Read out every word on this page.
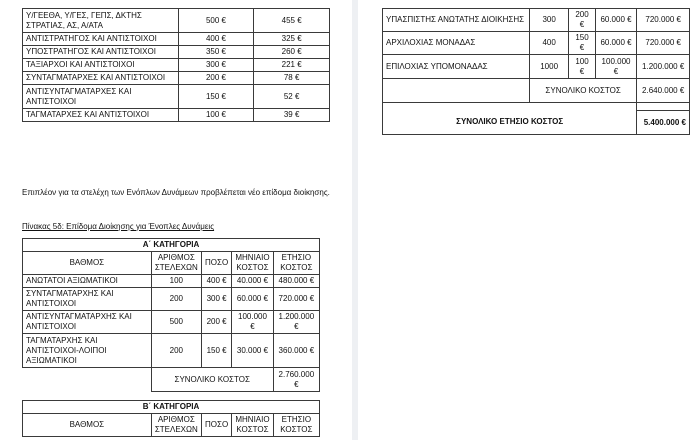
Υ/ΓΕΕΘΑ, Υ/ΓΕΣ, ΓΕΠΣ, ΔΚΤΗΣ ΣΤΡΑΤΙΑΣ, ΑΣ, Α/ΑΤΑ	500 €	455 €
ΑΝΤΙΣΤΡΑΤΗΓΟΣ ΚΑΙ ΑΝΤΙΣΤΟΙΧΟΙ	400 €	325 €
ΥΠΟΣΤΡΑΤΗΓΟΣ ΚΑΙ ΑΝΤΙΣΤΟΙΧΟΙ	350 €	260 €
ΤΑΞΙΑΡΧΟΙ ΚΑΙ ΑΝΤΙΣΤΟΙΧΟΙ	300 €	221 €
ΣΥΝΤΑΓΜΑΤΑΡΧΕΣ ΚΑΙ ΑΝΤΙΣΤΟΙΧΟΙ	200 €	78 €
ΑΝΤΙΣΥΝΤΑΓΜΑΤΑΡΧΕΣ ΚΑΙ ΑΝΤΙΣΤΟΙΧΟΙ	150 €	52 €
ΤΑΓΜΑΤΑΡΧΕΣ ΚΑΙ ΑΝΤΙΣΤΟΙΧΟΙ	100 €	39 €
Επιπλέον για τα στελέχη των Ενόπλων Δυνάμεων προβλέπεται νέο επίδομα διοίκησης.
Πίνακας 5δ: Επίδομα Διοίκησης για Ένοπλες Δυνάμεις
Α΄ ΚΑΤΗΓΟΡΙΑ				
ΒΑΘΜΟΣ	ΑΡΙΘΜΟΣ ΣΤΕΛΕΧΩΝ	ΠΟΣΟ	ΜΗΝΙΑΙΟ ΚΟΣΤΟΣ	ΕΤΗΣΙΟ ΚΟΣΤΟΣ
ΑΝΩΤΑΤΟΙ ΑΞΙΩΜΑΤΙΚΟΙ	100	400 €	40.000 €	480.000 €
ΣΥΝΤΑΓΜΑΤΑΡΧΗΣ ΚΑΙ ΑΝΤΙΣΤΟΙΧΟΙ	200	300 €	60.000 €	720.000 €
ΑΝΤΙΣΥΝΤΑΓΜΑΤΑΡΧΗΣ ΚΑΙ ΑΝΤΙΣΤΟΙΧΟΙ	500	200 €	100.000 €	1.200.000 €
ΤΑΓΜΑΤΑΡΧΗΣ ΚΑΙ ΑΝΤΙΣΤΟΙΧΟΙ-ΛΟΙΠΟΙ ΑΞΙΩΜΑΤΙΚΟΙ	200	150 €	30.000 €	360.000 €
	ΣΥΝΟΛΙΚΟ ΚΟΣΤΟΣ			2.760.000 €
Β΄ ΚΑΤΗΓΟΡΙΑ
ΒΑΘΜΟΣ	ΑΡΙΘΜΟΣ ΣΤΕΛΕΧΩΝ	ΠΟΣΟ	ΜΗΝΙΑΙΟ ΚΟΣΤΟΣ	ΕΤΗΣΙΟ ΚΟΣΤΟΣ
ΥΠΑΣΠΙΣΤΗΣ ΑΝΩΤΑΤΗΣ ΔΙΟΙΚΗΣΗΣ	300	200 €	60.000 €	720.000 €
ΑΡΧΙΛΟΧΙΑΣ ΜΟΝΑΔΑΣ	400	150 €	60.000 €	720.000 €
ΕΠΙΛΟΧΙΑΣ ΥΠΟΜΟΝΑΔΑΣ	1000	100 €	100.000 €	1.200.000 €
	ΣΥΝΟΛΙΚΟ ΚΟΣΤΟΣ			2.640.000 €

ΣΥΝΟΛΙΚΟ ΕΤΗΣΙΟ ΚΟΣΤΟΣ				5.400.000 €
